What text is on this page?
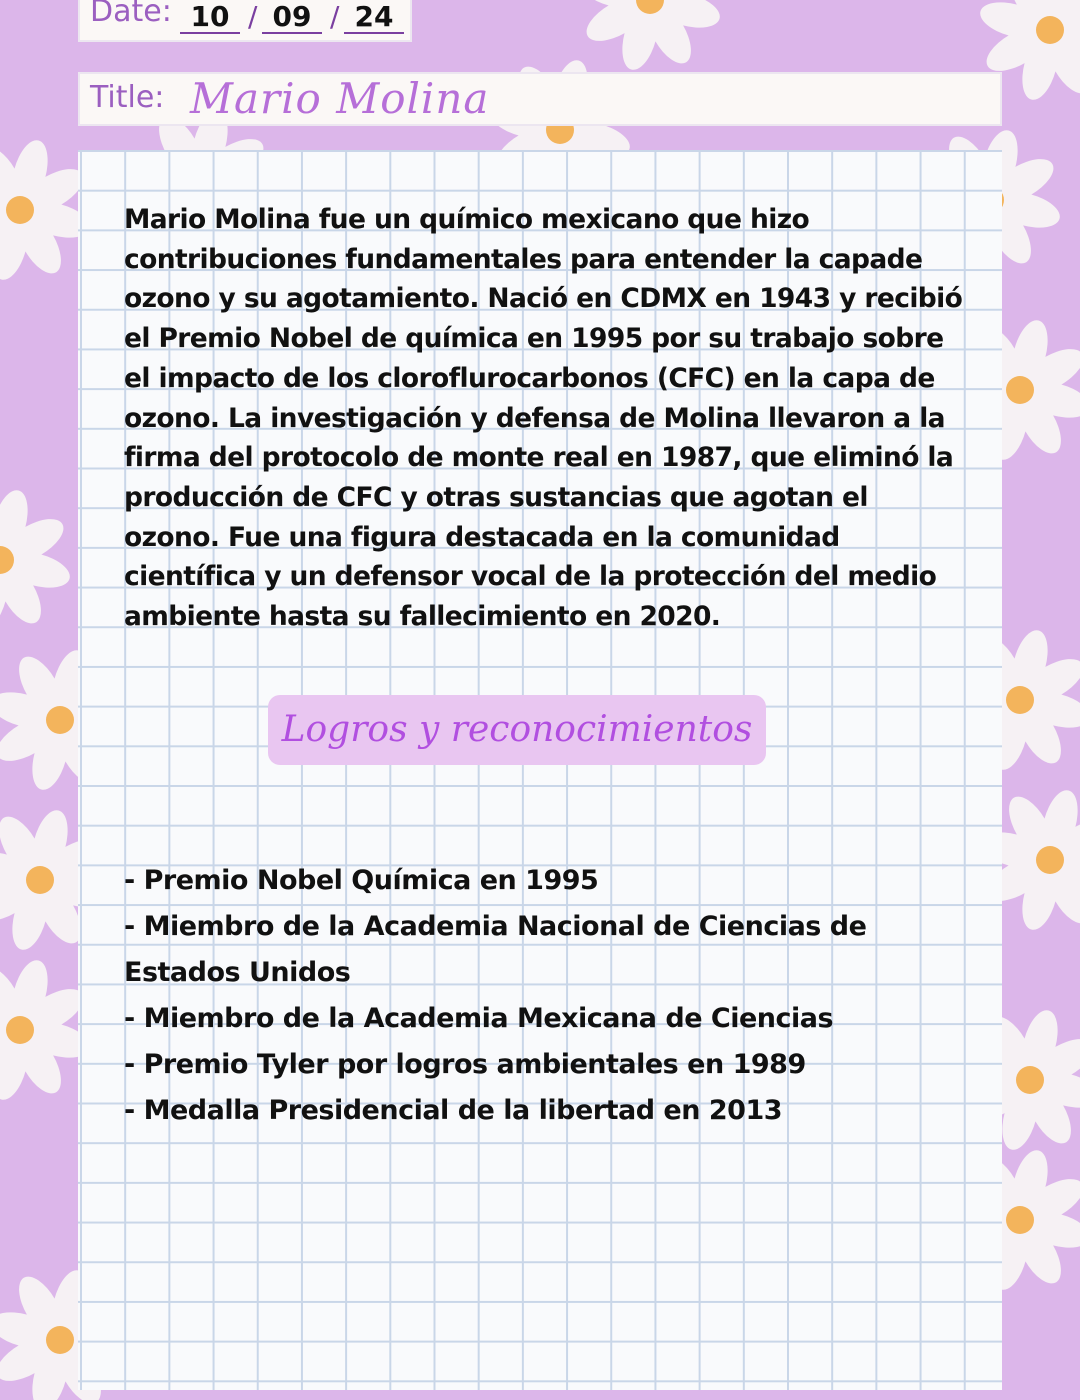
Date: 10 / 09 / 24
Title: Mario Molina
Mario Molina fue un químico mexicano que hizo contribuciones fundamentales para entender la capade ozono y su agotamiento. Nació en CDMX en 1943 y recibió el Premio Nobel de química en 1995 por su trabajo sobre el impacto de los cloroflurocarbonos (CFC) en la capa de ozono. La investigación y defensa de Molina llevaron a la firma del protocolo de monte real en 1987, que eliminó la producción de CFC y otras sustancias que agotan el ozono. Fue una figura destacada en la comunidad científica y un defensor vocal de la protección del medio ambiente hasta su fallecimiento en 2020.
Logros y reconocimientos
- Premio Nobel Química en 1995
- Miembro de la Academia Nacional de Ciencias de Estados Unidos
- Miembro de la Academia Mexicana de Ciencias
- Premio Tyler por logros ambientales en 1989
- Medalla Presidencial de la libertad en 2013
